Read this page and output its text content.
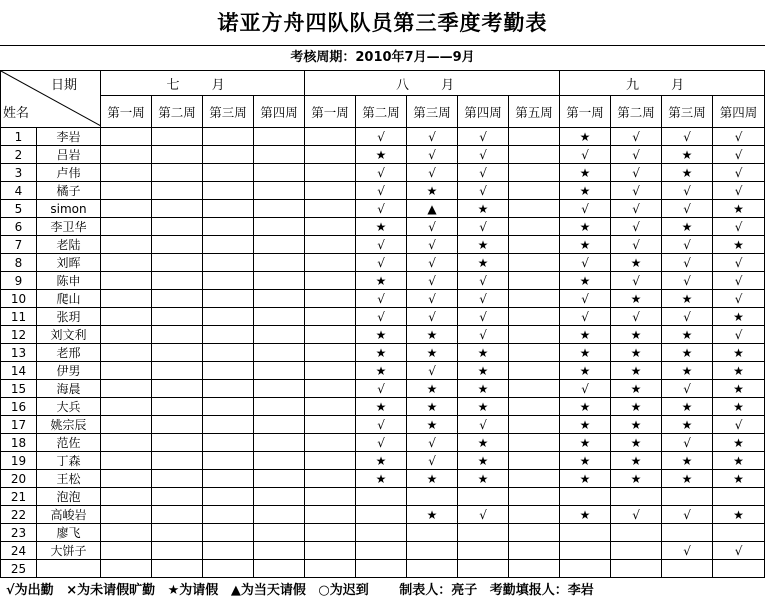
诺亚方舟四队队员第三季度考勤表
考核周期：2010年7月——9月
日期
姓名		七 月				八 月					九 月			
		第一周	第二周	第三周	第四周	第一周	第二周	第三周	第四周	第五周	第一周	第二周	第三周	第四周
1	李岩						√	√	√		★	√	√	√
2	吕岩						★	√	√		√	√	★	√
3	卢伟						√	√	√		★	√	★	√
4	橘子						√	★	√		★	√	√	√
5	simon						√	▲	★		√	√	√	★
6	李卫华						★	√	√		★	√	★	√
7	老陆						√	√	★		★	√	√	★
8	刘晖						√	√	★		√	★	√	√
9	陈申						★	√	√		★	√	√	√
10	爬山						√	√	√		√	★	★	√
11	张玥						√	√	√		√	√	√	★
12	刘文利						★	★	√		★	★	★	√
13	老邢						★	★	★		★	★	★	★
14	伊男						★	√	★		★	★	★	★
15	海晨						√	★	★		√	★	√	★
16	大兵						★	★	★		★	★	★	★
17	姚宗辰						√	★	√		★	★	★	√
18	范佐						√	√	★		★	★	√	★
19	丁森						★	√	★		★	★	★	★
20	王松						★	★	★		★	★	★	★
21	泡泡													
22	高峻岩							★	√		★	√	√	★
23	廖飞													
24	大饼子												√	√
25														
√为出勤 ×为未请假旷勤 ★为请假 ▲为当天请假 ○为迟到 制表人：亮子 考勤填报人：李岩
